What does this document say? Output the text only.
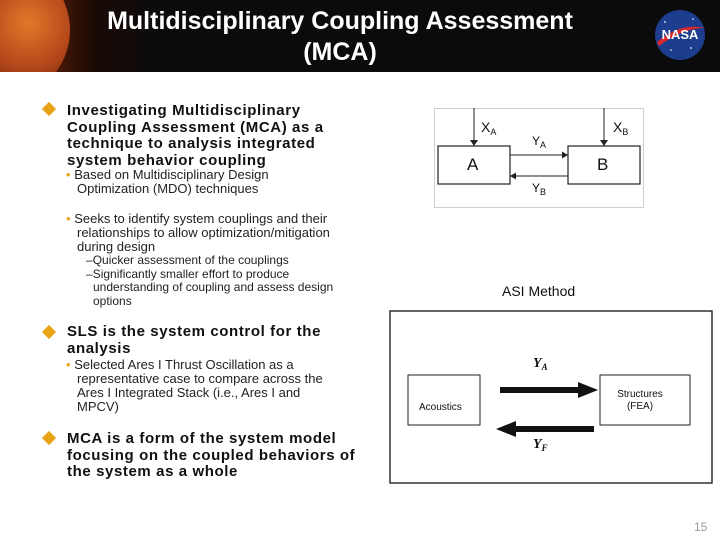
Multidisciplinary Coupling Assessment
(MCA)
NASA
Investigating Multidisciplinary
Coupling Assessment (MCA) as a
technique to analysis integrated
system behavior coupling
• Based on Multidisciplinary Design
Optimization (MDO) techniques
• Seeks to identify system couplings and their
relationships to allow optimization/mitigation
during design
–Quicker assessment of the couplings
–Significantly smaller effort to produce
understanding of coupling and assess design
options
SLS is the system control for the
analysis
• Selected Ares I Thrust Oscillation as a
representative case to compare across the
Ares I Integrated Stack (i.e., Ares I and
MPCV)
MCA is a form of the system model
focusing on the coupled behaviors of
the system as a whole
A	B
$X_A$	$X_B$
$Y_A$
$Y_B$
ASI Method
Acoustics
Structures
(FEA)
$Y_A$
$Y_F$
15
